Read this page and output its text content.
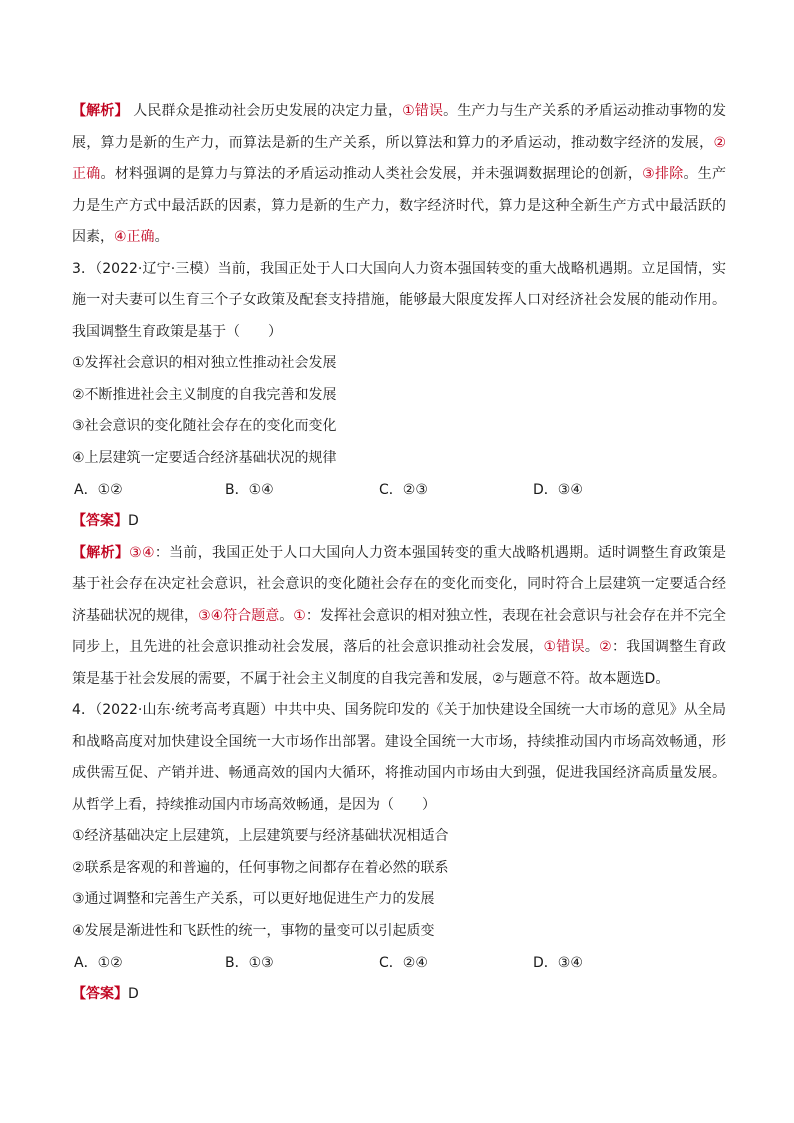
【解析】 人民群众是推动社会历史发展的决定力量，①错误。生产力与生产关系的矛盾运动推动事物的发展，算力是新的生产力，而算法是新的生产关系，所以算法和算力的矛盾运动，推动数字经济的发展，②正确。材料强调的是算力与算法的矛盾运动推动人类社会发展，并未强调数据理论的创新，③排除。生产力是生产方式中最活跃的因素，算力是新的生产力，数字经济时代，算力是这种全新生产方式中最活跃的因素，④正确。

3．（2022·辽宁·三模）当前，我国正处于人口大国向人力资本强国转变的重大战略机遇期。立足国情，实施一对夫妻可以生育三个子女政策及配套支持措施，能够最大限度发挥人口对经济社会发展的能动作用。我国调整生育政策是基于（　　）

①发挥社会意识的相对独立性推动社会发展

②不断推进社会主义制度的自我完善和发展

③社会意识的变化随社会存在的变化而变化

④上层建筑一定要适合经济基础状况的规律

A．①②	B．①④	C．②③	D．③④

【答案】D

【解析】③④：当前，我国正处于人口大国向人力资本强国转变的重大战略机遇期。适时调整生育政策是基于社会存在决定社会意识，社会意识的变化随社会存在的变化而变化，同时符合上层建筑一定要适合经济基础状况的规律，③④符合题意。①：发挥社会意识的相对独立性，表现在社会意识与社会存在并不完全同步上，且先进的社会意识推动社会发展，落后的社会意识推动社会发展，①错误。②：我国调整生育政策是基于社会发展的需要，不属于社会主义制度的自我完善和发展，②与题意不符。故本题选D。

4．（2022·山东·统考高考真题）中共中央、国务院印发的《关于加快建设全国统一大市场的意见》从全局和战略高度对加快建设全国统一大市场作出部署。建设全国统一大市场，持续推动国内市场高效畅通，形成供需互促、产销并进、畅通高效的国内大循环，将推动国内市场由大到强，促进我国经济高质量发展。从哲学上看，持续推动国内市场高效畅通，是因为（　　）

①经济基础决定上层建筑，上层建筑要与经济基础状况相适合

②联系是客观的和普遍的，任何事物之间都存在着必然的联系

③通过调整和完善生产关系，可以更好地促进生产力的发展

④发展是渐进性和飞跃性的统一，事物的量变可以引起质变

A．①②	B．①③	C．②④	D．③④

【答案】D
